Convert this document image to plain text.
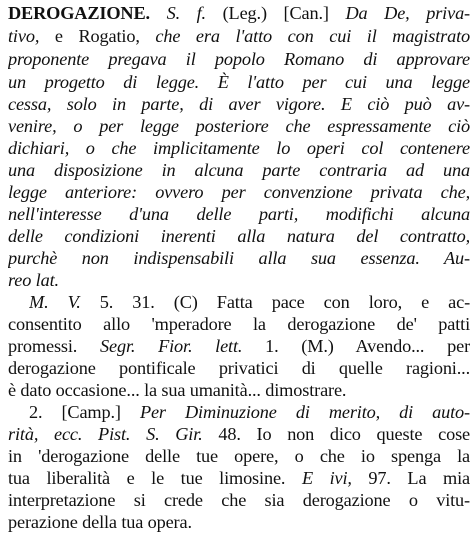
DEROGAZIONE. S. f. (Leg.) [Can.] Da De, priva-
tivo, e Rogatio, che era l'atto con cui il magistrato
proponente pregava il popolo Romano di approvare
un progetto di legge. È l'atto per cui una legge
cessa, solo in parte, di aver vigore. E ciò può av-
venire, o per legge posteriore che espressamente ciò
dichiari, o che implicitamente lo operi col contenere
una disposizione in alcuna parte contraria ad una
legge anteriore: ovvero per convenzione privata che,
nell'interesse d'una delle parti, modifichi alcuna
delle condizioni inerenti alla natura del contratto,
purchè non indispensabili alla sua essenza. Au-
reo lat.
M. V. 5. 31. (C) Fatta pace con loro, e ac-
consentito allo 'mperadore la derogazione de' patti
promessi. Segr. Fior. lett. 1. (M.) Avendo... per
derogazione pontificale privatici di quelle ragioni...
è dato occasione... la sua umanità... dimostrare.
2. [Camp.] Per Diminuzione di merito, di auto-
rità, ecc. Pist. S. Gir. 48. Io non dico queste cose
in 'derogazione delle tue opere, o che io spenga la
tua liberalità e le tue limosine. E ivi, 97. La mia
interpretazione si crede che sia derogazione o vitu-
perazione della tua opera.
